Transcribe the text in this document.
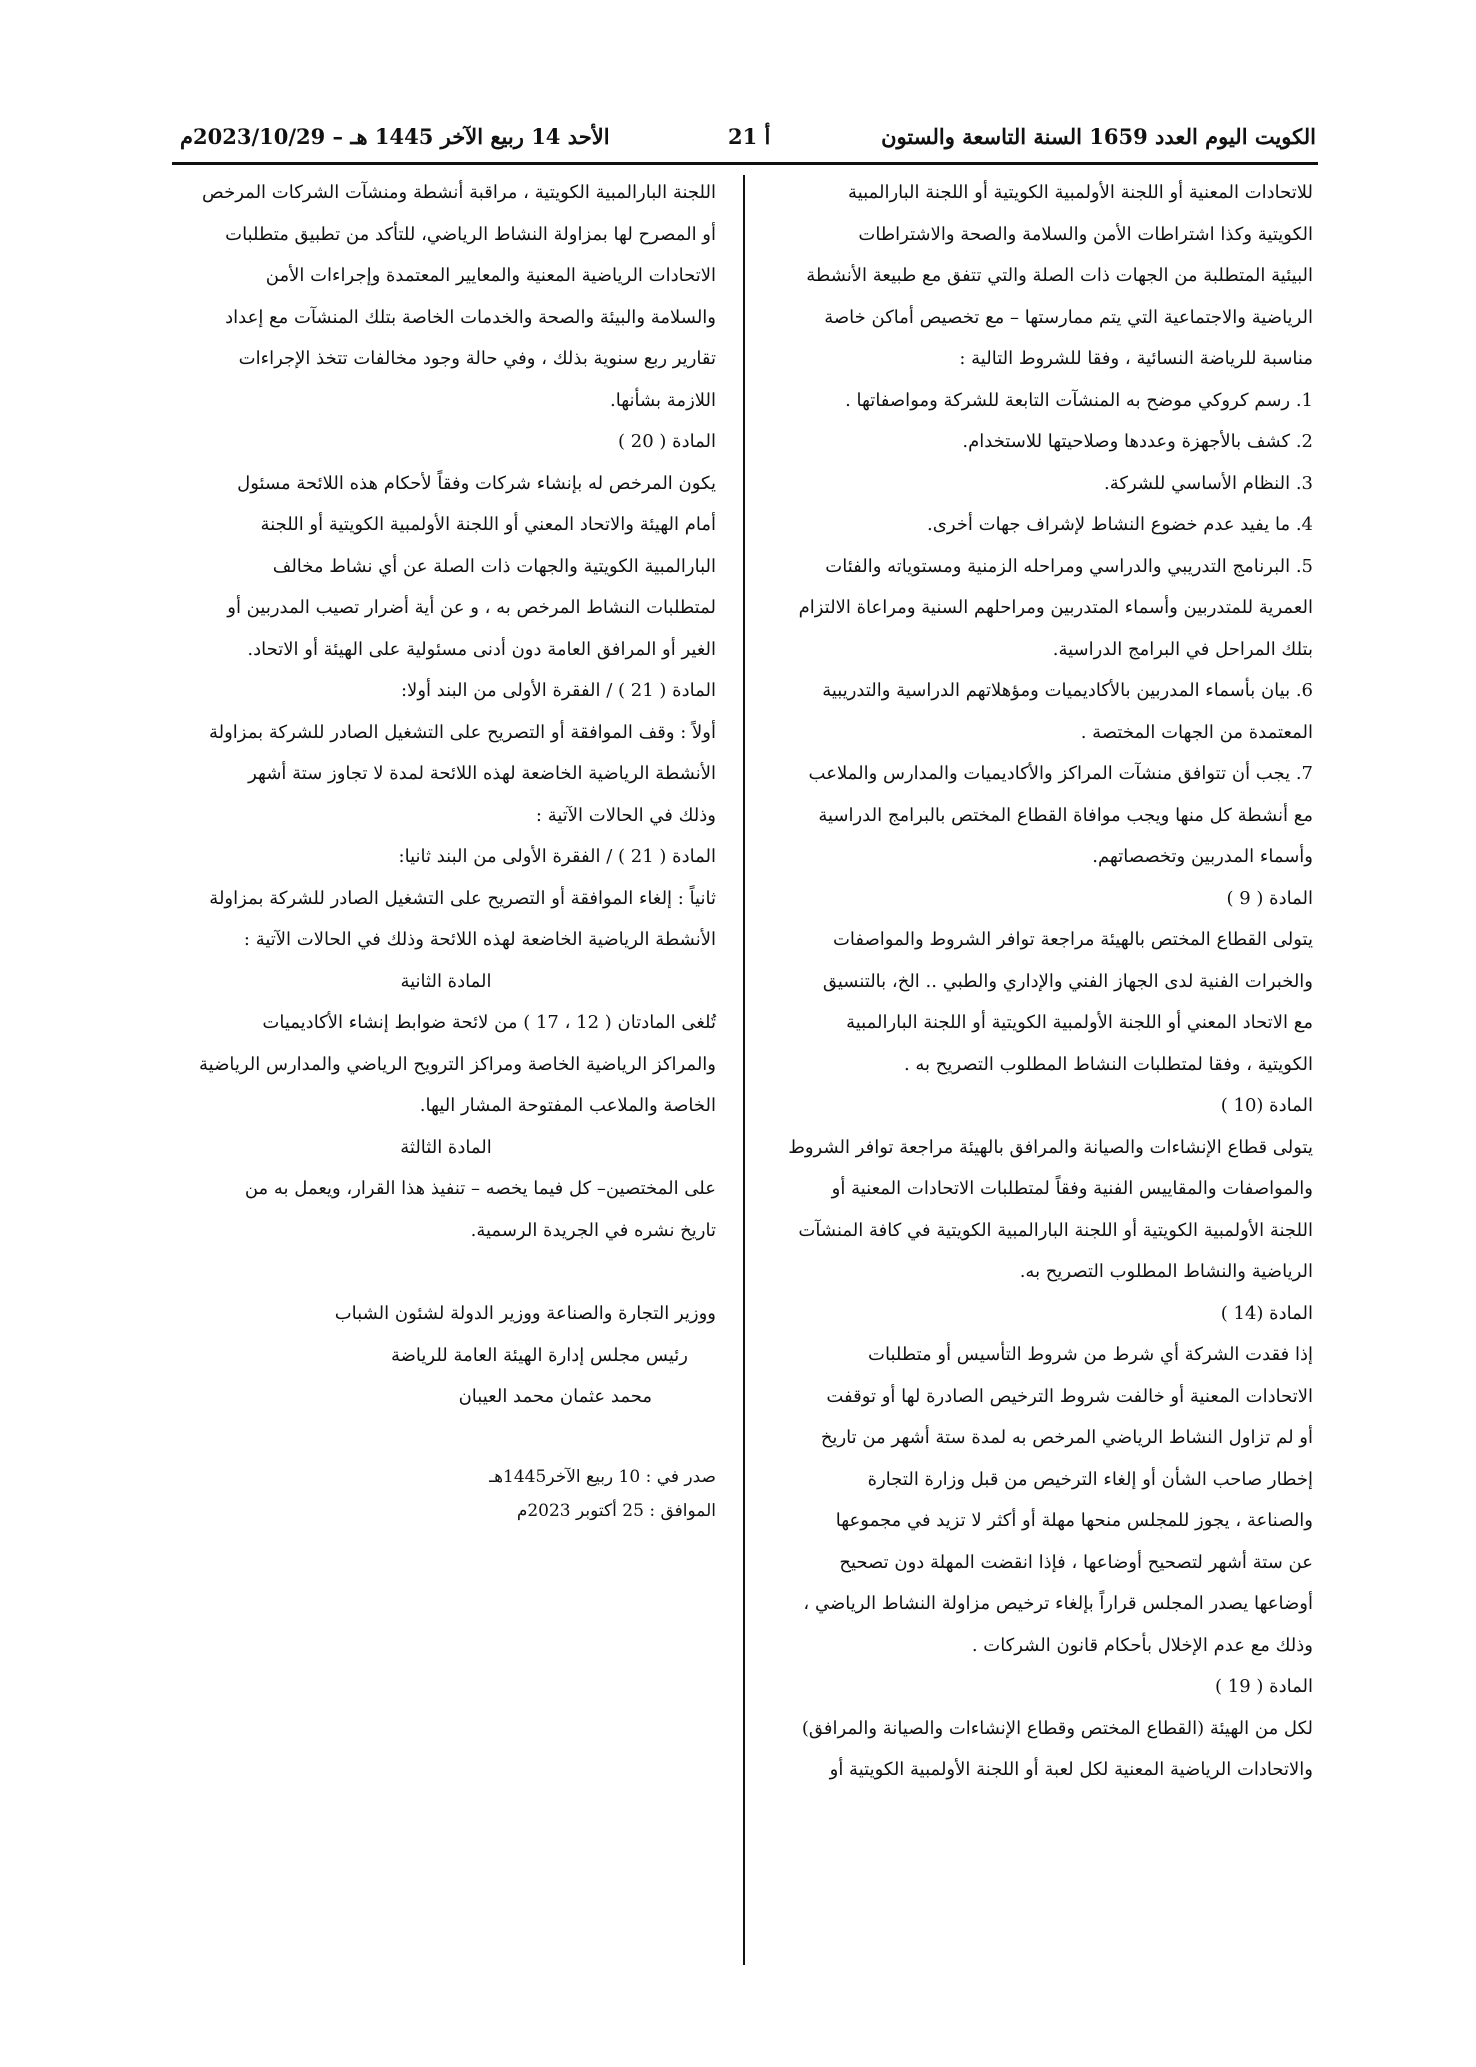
الكويت اليوم العدد 1659 السنة التاسعة والستون
أ 21
الأحد 14 ربيع الآخر 1445 هـ – 2023/10/29م

للاتحادات المعنية أو اللجنة الأولمبية الكويتية أو اللجنة البارالمبية

الكويتية وكذا اشتراطات الأمن والسلامة والصحة والاشتراطات

البيئية المتطلبة من الجهات ذات الصلة والتي تتفق مع طبيعة الأنشطة

الرياضية والاجتماعية التي يتم ممارستها – مع تخصيص أماكن خاصة

مناسبة للرياضة النسائية ، وفقا للشروط التالية :

1. رسم كروكي موضح به المنشآت التابعة للشركة ومواصفاتها .

2. كشف بالأجهزة وعددها وصلاحيتها للاستخدام.

3. النظام الأساسي للشركة.

4. ما يفيد عدم خضوع النشاط لإشراف جهات أخرى.

5. البرنامج التدريبي والدراسي ومراحله الزمنية ومستوياته والفئات

العمرية للمتدربين وأسماء المتدربين ومراحلهم السنية ومراعاة الالتزام

بتلك المراحل في البرامج الدراسية.

6. بيان بأسماء المدربين بالأكاديميات ومؤهلاتهم الدراسية والتدريبية

المعتمدة من الجهات المختصة .

7. يجب أن تتوافق منشآت المراكز والأكاديميات والمدارس والملاعب

مع أنشطة كل منها ويجب موافاة القطاع المختص بالبرامج الدراسية

وأسماء المدربين وتخصصاتهم.

المادة ( 9 )

يتولى القطاع المختص بالهيئة مراجعة توافر الشروط والمواصفات

والخبرات الفنية لدى الجهاز الفني والإداري والطبي .. الخ، بالتنسيق

مع الاتحاد المعني أو اللجنة الأولمبية الكويتية أو اللجنة البارالمبية

الكويتية ، وفقا لمتطلبات النشاط المطلوب التصريح به .

المادة (10 )

يتولى قطاع الإنشاءات والصيانة والمرافق بالهيئة مراجعة توافر الشروط

والمواصفات والمقاييس الفنية وفقاً لمتطلبات الاتحادات المعنية أو

اللجنة الأولمبية الكويتية أو اللجنة البارالمبية الكويتية في كافة المنشآت

الرياضية والنشاط المطلوب التصريح به.

المادة (14 )

إذا فقدت الشركة أي شرط من شروط التأسيس أو متطلبات

الاتحادات المعنية أو خالفت شروط الترخيص الصادرة لها أو توقفت

أو لم تزاول النشاط الرياضي المرخص به لمدة ستة أشهر من تاريخ

إخطار صاحب الشأن أو إلغاء الترخيص من قبل وزارة التجارة

والصناعة ، يجوز للمجلس منحها مهلة أو أكثر لا تزيد في مجموعها

عن ستة أشهر لتصحيح أوضاعها ، فإذا انقضت المهلة دون تصحيح

أوضاعها يصدر المجلس قراراً بإلغاء ترخيص مزاولة النشاط الرياضي ،

وذلك مع عدم الإخلال بأحكام قانون الشركات .

المادة ( 19 )

لكل من الهيئة (القطاع المختص وقطاع الإنشاءات والصيانة والمرافق)

والاتحادات الرياضية المعنية لكل لعبة أو اللجنة الأولمبية الكويتية أو

اللجنة البارالمبية الكويتية ، مراقبة أنشطة ومنشآت الشركات المرخص

أو المصرح لها بمزاولة النشاط الرياضي، للتأكد من تطبيق متطلبات

الاتحادات الرياضية المعنية والمعايير المعتمدة وإجراءات الأمن

والسلامة والبيئة والصحة والخدمات الخاصة بتلك المنشآت مع إعداد

تقارير ربع سنوية بذلك ، وفي حالة وجود مخالفات تتخذ الإجراءات

اللازمة بشأنها.

المادة ( 20 )

يكون المرخص له بإنشاء شركات وفقاً لأحكام هذه اللائحة مسئول

أمام الهيئة والاتحاد المعني أو اللجنة الأولمبية الكويتية أو اللجنة

البارالمبية الكويتية والجهات ذات الصلة عن أي نشاط مخالف

لمتطلبات النشاط المرخص به ، و عن أية أضرار تصيب المدربين أو

الغير أو المرافق العامة دون أدنى مسئولية على الهيئة أو الاتحاد.

المادة ( 21 ) / الفقرة الأولى من البند أولا:

أولاً : وقف الموافقة أو التصريح على التشغيل الصادر للشركة بمزاولة

الأنشطة الرياضية الخاضعة لهذه اللائحة لمدة لا تجاوز ستة أشهر

وذلك في الحالات الآتية :

المادة ( 21 ) / الفقرة الأولى من البند ثانيا:

ثانياً : إلغاء الموافقة أو التصريح على التشغيل الصادر للشركة بمزاولة

الأنشطة الرياضية الخاضعة لهذه اللائحة وذلك في الحالات الآتية :

المادة الثانية

تُلغى المادتان ( 12 ، 17 ) من لائحة ضوابط إنشاء الأكاديميات

والمراكز الرياضية الخاصة ومراكز الترويح الرياضي والمدارس الرياضية

الخاصة والملاعب المفتوحة المشار اليها.

المادة الثالثة

على المختصين– كل فيما يخصه – تنفيذ هذا القرار، ويعمل به من

تاريخ نشره في الجريدة الرسمية.

ووزير التجارة والصناعة ووزير الدولة لشئون الشباب

رئيس مجلس إدارة الهيئة العامة للرياضة

محمد عثمان محمد العيبان

صدر في : 10 ربيع الآخر1445هـ

الموافق : 25 أكتوبر 2023م
